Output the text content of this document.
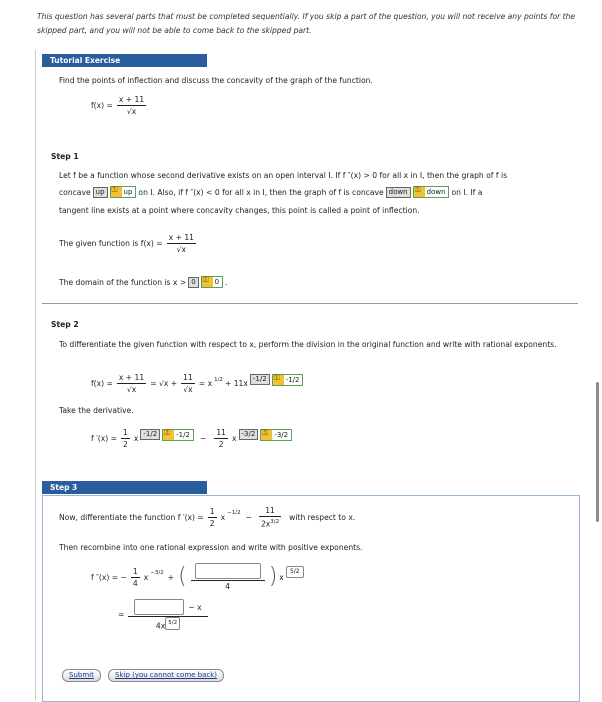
This question has several parts that must be completed sequentially. If you skip a part of the question, you will not receive any points for the skipped part, and you will not be able to come back to the skipped part.
Tutorial Exercise
Find the points of inflection and discuss the concavity of the graph of the function.
$f(x) = \frac{x + 11}{√x}$
Step 1
Let f be a function whose second derivative exists on an open interval I. If f ″(x) > 0 for all x in I, then the graph of f is
concave up ⚿	up on I. Also, if f ″(x) < 0 for all x in I, then the graph of f is concave down ⚿	down on I. If a
tangent line exists at a point where concavity changes, this point is called a point of inflection.
The given function is $f(x) = \frac{x + 11}{√x}$
The domain of the function is x > 0 ⚿	0 .
Step 2
To differentiate the given function with respect to x, perform the division in the original function and write with rational exponents.
$f(x) = \frac{x + 11}{√x} = √x + \frac{11}{√x} = x$ $^{1/2}$ + 11x
-1/2 ⚿	-1/2
Take the derivative.
f $'(x) = \frac{1}{2}$ x
-1/2 ⚿	$-1/2 - \frac{11}{2}$ x
-3/2 ⚿	-3/2
Step 3
Now, differentiate the function f $'(x) = \frac{1}{2}$ x $^{-1/2} - \frac{11}{2x^{3/2}}$ with respect to x.
Then recombine into one rational expression and write with positive exponents.
f ″(x) = − $\frac{1}{4}$ x $^{-3/2}$ + (	4	) x
5/2
= $\frac{- x}{4x ^{5/2}}$
Submit	Skip (you cannot come back)
